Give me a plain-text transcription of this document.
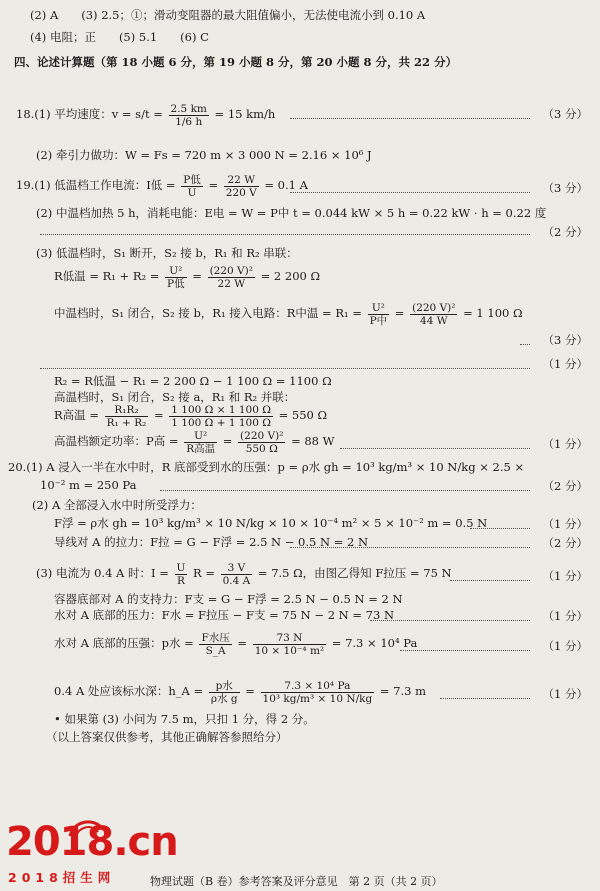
(2) A　　(3) 2.5；①；滑动变阻器的最大阻值偏小，无法使电流小到 0.10 A
(4) 电阻；正　　(5) 5.1　　(6) C
四、论述计算题（第 18 小题 6 分，第 19 小题 8 分，第 20 小题 8 分，共 22 分）
18.(1) 平均速度：$v = s/t = \frac{2.5 km}{1/6 h} = 15$ km/h	（3 分）
(2) 牵引力做功：W = Fs = 720 m × 3 000 N = 2.16 × 10⁶ J
19.(1) 低温档工作电流：I低 = $\frac{\text{P低}}{U} = \frac{22 W}{220 V} = 0.1$ A	（3 分）
(2) 中温档加热 5 h，消耗电能：E电 = W = P中 t = 0.044 kW × 5 h = 0.22 kW · h = 0.22 度
（2 分）
(3) 低温档时，S₁ 断开，S₂ 接 b，R₁ 和 R₂ 串联：
R低温 = $R_1 + R_2 = \frac{\text{U²}}{\text{P低}} = \frac{\text{(220 V)²}}{22 W} = 2$ 200 Ω
中温档时，S₁ 闭合，S₂ 接 b，R₁ 接入电路：R中温 = $R_1 = \frac{\text{U²}}{\text{P中}} = \frac{\text{(220 V)²}}{44 W} = 1$ 100 Ω
（3 分）
（1 分）
R₂ = R低温 − R₁ = 2 200 Ω − 1 100 Ω = 1100 Ω
高温档时，S₁ 闭合，S₂ 接 a，R₁ 和 R₂ 并联：
R高温 = $\frac{\text{R₁R₂}}{\text{R₁ + R₂}} = \frac{1 100 \Omega \times 1 100 \Omega}{1 100 \Omega + 1 100 \Omega} = 550$ Ω
高温档额定功率：P高 = $\frac{\text{U²}}{\text{R高温}} = \frac{\text{(220 V)²}}{550 \Omega} = 88$ W	（1 分）
20.(1) A 浸入一半在水中时，R 底部受到水的压强：p = ρ水 gh = 10³ kg/m³ × 10 N/kg × 2.5 ×
10⁻² m = 250 Pa	（2 分）
(2) A 全部浸入水中时所受浮力：
F浮 = ρ水 gh = 10³ kg/m³ × 10 N/kg × 10 × 10⁻⁴ m² × 5 × 10⁻² m = 0.5 N	（1 分）
导线对 A 的拉力：F拉 = G − F浮 = 2.5 N − 0.5 N = 2 N	（2 分）
(3) 电流为 0.4 A 时：$I = \frac{U}{R}$ $R = \frac{3 V}{0.4 A} = 7.5$ Ω，由图乙得知 F拉压 = 75 N	（1 分）
容器底部对 A 的支持力：F支 = G − F浮 = 2.5 N − 0.5 N = 2 N
水对 A 底部的压力：F水 = F拉压 − F支 = 75 N − 2 N = 73 N	（1 分）
水对 A 底部的压强：p水 = $\frac{\text{F水压}}{S\_A} = \frac{73 N}{\text{10 × 10⁻⁴ m²}} = 7.3 \times 10^4$ Pa	（1 分）
0.4 A 处应该标水深：h_A = $\frac{\text{p水}}{\text{ρ水 g}} = \frac{\text{7.3 × 10⁴ Pa}}{\text{10³ kg/m³ × 10 N/kg}} = 7.3$ m	（1 分）
• 如果第 (3) 小问为 7.5 m，只扣 1 分，得 2 分。
（以上答案仅供参考，其他正确解答参照给分）
2018.cn
2018招生网	物理试题（B 卷）参考答案及评分意见　第 2 页（共 2 页）
